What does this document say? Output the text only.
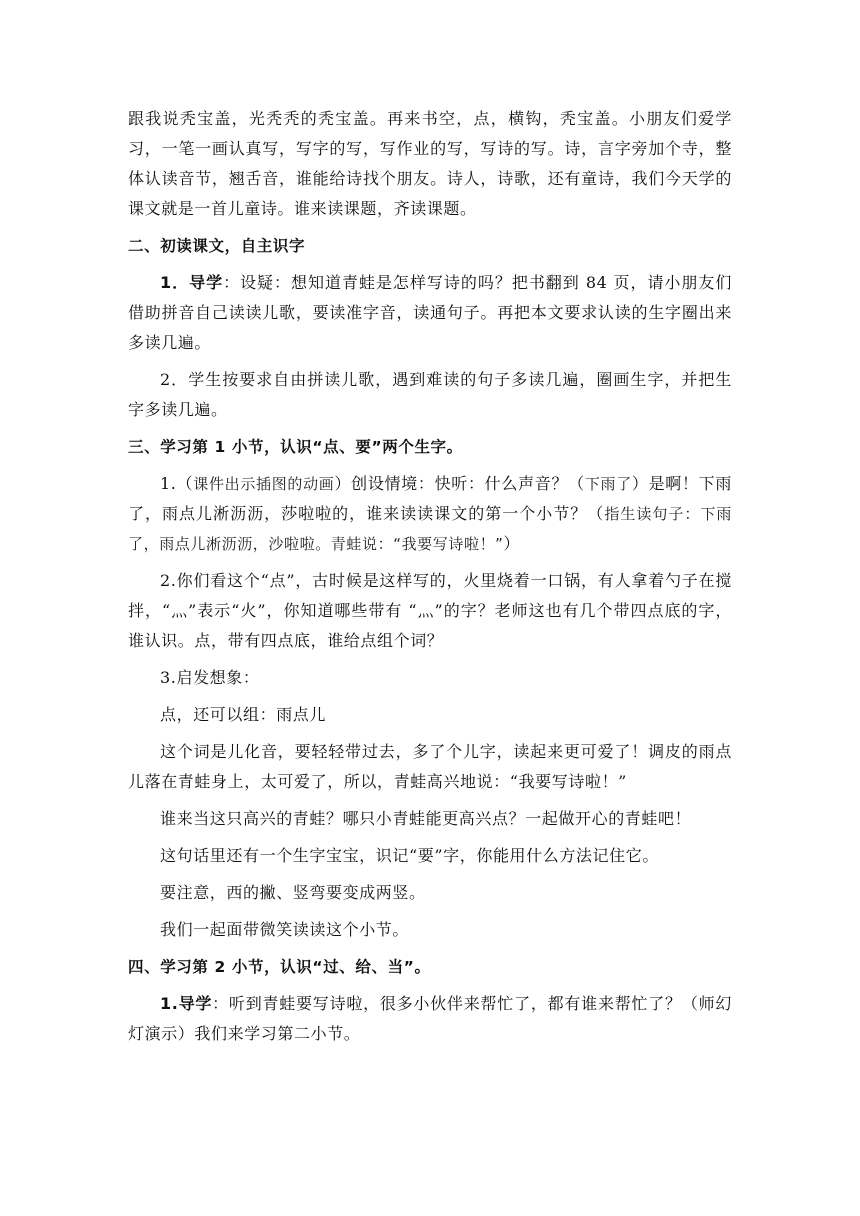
跟我说秃宝盖，光秃秃的秃宝盖。再来书空，点，横钩，秃宝盖。小朋友们爱学习，一笔一画认真写，写字的写，写作业的写，写诗的写。诗，言字旁加个寺，整体认读音节，翘舌音，谁能给诗找个朋友。诗人，诗歌，还有童诗，我们今天学的课文就是一首儿童诗。谁来读课题，齐读课题。

二、初读课文，自主识字

1．导学：设疑：想知道青蛙是怎样写诗的吗？把书翻到 84 页，请小朋友们借助拼音自己读读儿歌，要读准字音，读通句子。再把本文要求认读的生字圈出来多读几遍。

2．学生按要求自由拼读儿歌，遇到难读的句子多读几遍，圈画生字，并把生字多读几遍。

三、学习第 1 小节，认识“点、要”两个生字。

1.（课件出示插图的动画）创设情境：快听：什么声音？（下雨了）是啊！下雨了，雨点儿淅沥沥，莎啦啦的，谁来读读课文的第一个小节？（指生读句子：下雨了，雨点儿淅沥沥，沙啦啦。青蛙说：“我要写诗啦！”）

2.你们看这个“点”，古时候是这样写的，火里烧着一口锅，有人拿着勺子在搅拌，“灬”表示“火”，你知道哪些带有 “灬”的字？老师这也有几个带四点底的字，谁认识。点，带有四点底，谁给点组个词？

3.启发想象：

点，还可以组：雨点儿

这个词是儿化音，要轻轻带过去，多了个儿字，读起来更可爱了！调皮的雨点儿落在青蛙身上，太可爱了，所以，青蛙高兴地说：“我要写诗啦！”

谁来当这只高兴的青蛙？哪只小青蛙能更高兴点？一起做开心的青蛙吧！

这句话里还有一个生字宝宝，识记“要”字，你能用什么方法记住它。

要注意，西的撇、竖弯要变成两竖。

我们一起面带微笑读读这个小节。

四、学习第 2 小节，认识“过、给、当”。

1.导学：听到青蛙要写诗啦，很多小伙伴来帮忙了，都有谁来帮忙了？（师幻灯演示）我们来学习第二小节。
